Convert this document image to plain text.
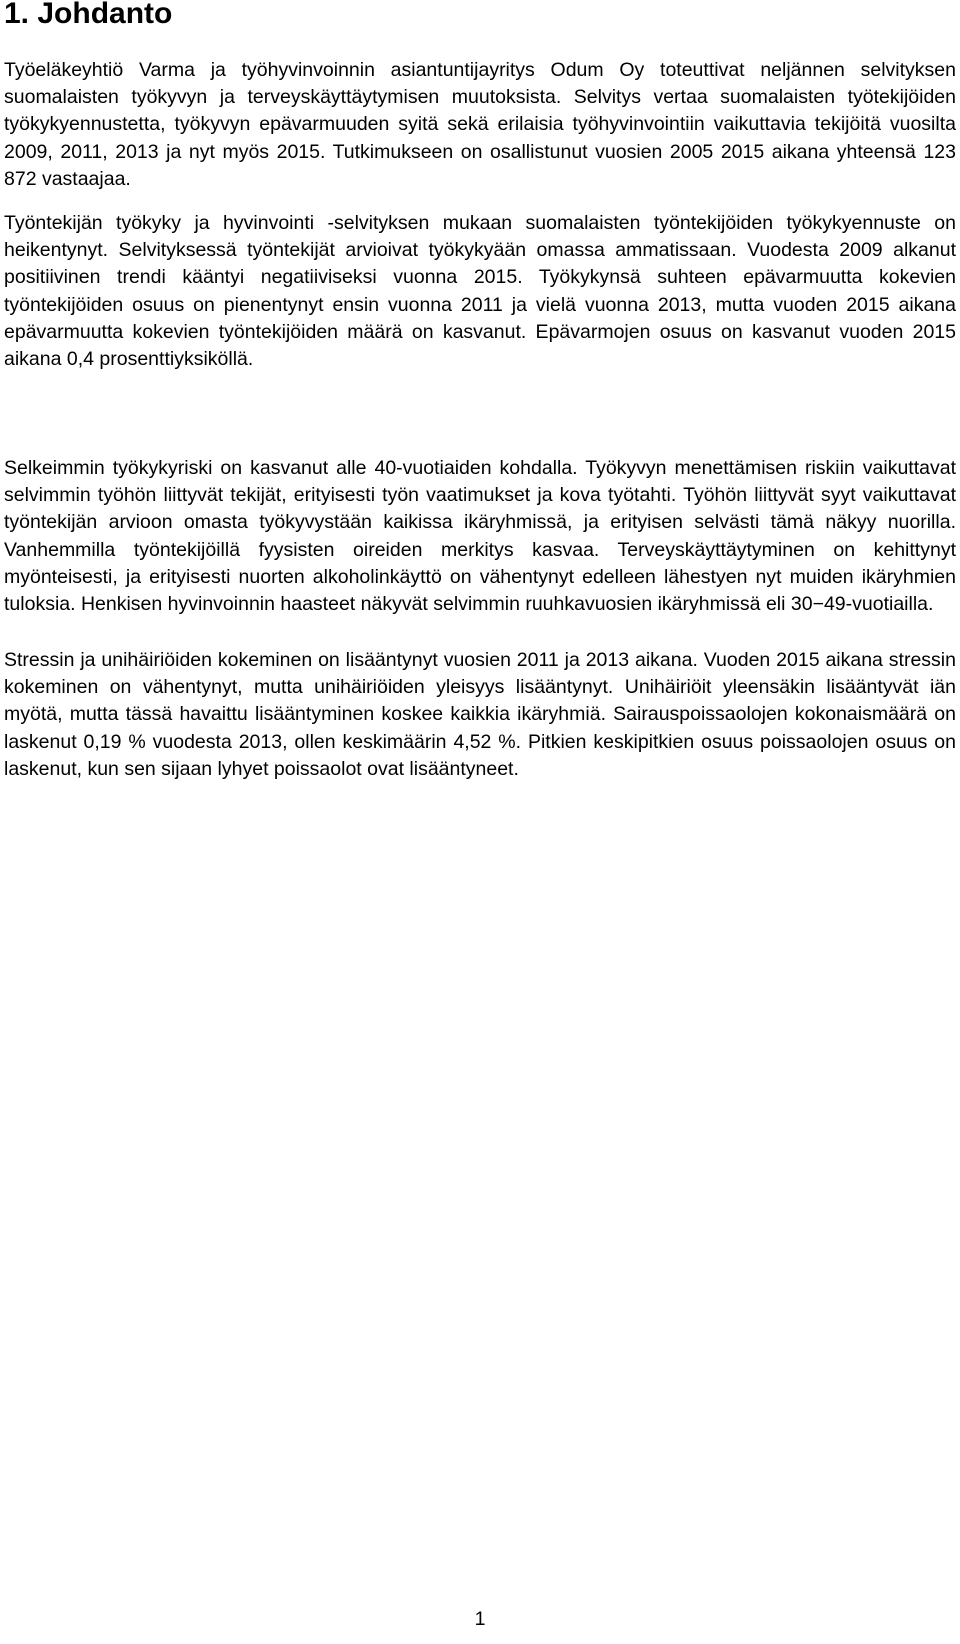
1. Johdanto

Työeläkeyhtiö Varma ja työhyvinvoinnin asiantuntijayritys Odum Oy toteuttivat neljännen selvityksen suomalaisten työkyvyn ja terveyskäyttäytymisen muutoksista. Selvitys vertaa suomalaisten työtekijöiden työkykyennustetta, työkyvyn epävarmuuden syitä sekä erilaisia työhyvinvointiin vaikuttavia tekijöitä vuosilta 2009, 2011, 2013 ja nyt myös 2015. Tutkimukseen on osallistunut vuosien 2005 2015 aikana yhteensä 123 872 vastaajaa.

Työntekijän työkyky ja hyvinvointi -selvityksen mukaan suomalaisten työntekijöiden työkykyennuste on heikentynyt. Selvityksessä työntekijät arvioivat työkykyään omassa ammatissaan. Vuodesta 2009 alkanut positiivinen trendi kääntyi negatiiviseksi vuonna 2015. Työkykynsä suhteen epävarmuutta kokevien työntekijöiden osuus on pienentynyt ensin vuonna 2011 ja vielä vuonna 2013, mutta vuoden 2015 aikana epävarmuutta kokevien työntekijöiden määrä on kasvanut. Epävarmojen osuus on kasvanut vuoden 2015 aikana 0,4 prosenttiyksiköllä.

Selkeimmin työkykyriski on kasvanut alle 40-vuotiaiden kohdalla. Työkyvyn menettämisen riskiin vaikuttavat selvimmin työhön liittyvät tekijät, erityisesti työn vaatimukset ja kova työtahti. Työhön liittyvät syyt vaikuttavat työntekijän arvioon omasta työkyvystään kaikissa ikäryhmissä, ja erityisen selvästi tämä näkyy nuorilla. Vanhemmilla työntekijöillä fyysisten oireiden merkitys kasvaa. Terveyskäyttäytyminen on kehittynyt myönteisesti, ja erityisesti nuorten alkoholinkäyttö on vähentynyt edelleen lähestyen nyt muiden ikäryhmien tuloksia. Henkisen hyvinvoinnin haasteet näkyvät selvimmin ruuhkavuosien ikäryhmissä eli 30−49-vuotiailla.

Stressin ja unihäiriöiden kokeminen on lisääntynyt vuosien 2011 ja 2013 aikana. Vuoden 2015 aikana stressin kokeminen on vähentynyt, mutta unihäiriöiden yleisyys lisääntynyt. Unihäiriöit yleensäkin lisääntyvät iän myötä, mutta tässä havaittu lisääntyminen koskee kaikkia ikäryhmiä. Sairauspoissaolojen kokonaismäärä on laskenut 0,19 % vuodesta 2013, ollen keskimäärin 4,52 %. Pitkien keskipitkien osuus poissaolojen osuus on laskenut, kun sen sijaan lyhyet poissaolot ovat lisääntyneet.

1
